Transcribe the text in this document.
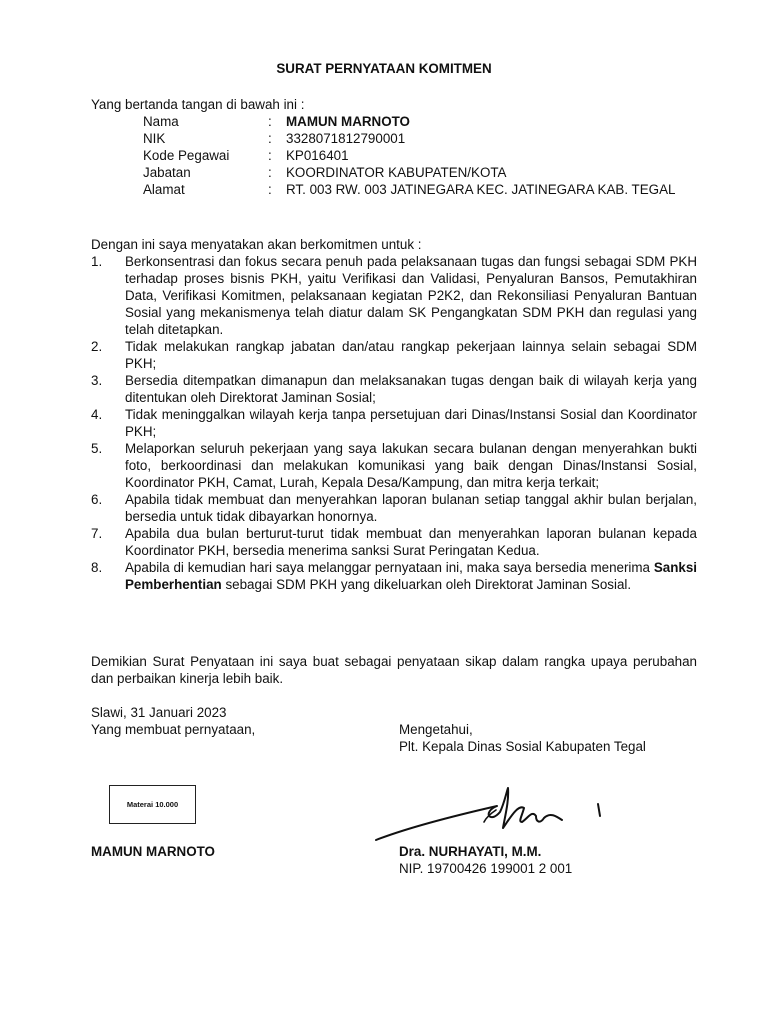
SURAT PERNYATAAN KOMITMEN
Yang bertanda tangan di bawah ini :
Nama	:	MAMUN MARNOTO
NIK	:	3328071812790001
Kode Pegawai	:	KP016401
Jabatan	:	KOORDINATOR KABUPATEN/KOTA
Alamat	:	RT. 003 RW. 003 JATINEGARA KEC. JATINEGARA KAB. TEGAL
Dengan ini saya menyatakan akan berkomitmen untuk :
1.	Berkonsentrasi dan fokus secara penuh pada pelaksanaan tugas dan fungsi sebagai SDM PKH terhadap proses bisnis PKH, yaitu Verifikasi dan Validasi, Penyaluran Bansos, Pemutakhiran Data, Verifikasi Komitmen, pelaksanaan kegiatan P2K2, dan Rekonsiliasi Penyaluran Bantuan Sosial yang mekanismenya telah diatur dalam SK Pengangkatan SDM PKH dan regulasi yang telah ditetapkan.
2.	Tidak melakukan rangkap jabatan dan/atau rangkap pekerjaan lainnya selain sebagai SDM PKH;
3.	Bersedia ditempatkan dimanapun dan melaksanakan tugas dengan baik di wilayah kerja yang ditentukan oleh Direktorat Jaminan Sosial;
4.	Tidak meninggalkan wilayah kerja tanpa persetujuan dari Dinas/Instansi Sosial dan Koordinator PKH;
5.	Melaporkan seluruh pekerjaan yang saya lakukan secara bulanan dengan menyerahkan bukti foto, berkoordinasi dan melakukan komunikasi yang baik dengan Dinas/Instansi Sosial, Koordinator PKH, Camat, Lurah, Kepala Desa/Kampung, dan mitra kerja terkait;
6.	Apabila tidak membuat dan menyerahkan laporan bulanan setiap tanggal akhir bulan berjalan, bersedia untuk tidak dibayarkan honornya.
7.	Apabila dua bulan berturut-turut tidak membuat dan menyerahkan laporan bulanan kepada Koordinator PKH, bersedia menerima sanksi Surat Peringatan Kedua.
8.	Apabila di kemudian hari saya melanggar pernyataan ini, maka saya bersedia menerima Sanksi Pemberhentian sebagai SDM PKH yang dikeluarkan oleh Direktorat Jaminan Sosial.
Demikian Surat Penyataan ini saya buat sebagai penyataan sikap dalam rangka upaya perubahan dan perbaikan kinerja lebih baik.
Slawi, 31 Januari 2023
Yang membuat pernyataan,	Mengetahui,
Plt. Kepala Dinas Sosial Kabupaten Tegal
Materai 10.000
MAMUN MARNOTO	Dra. NURHAYATI, M.M.
NIP. 19700426 199001 2 001
